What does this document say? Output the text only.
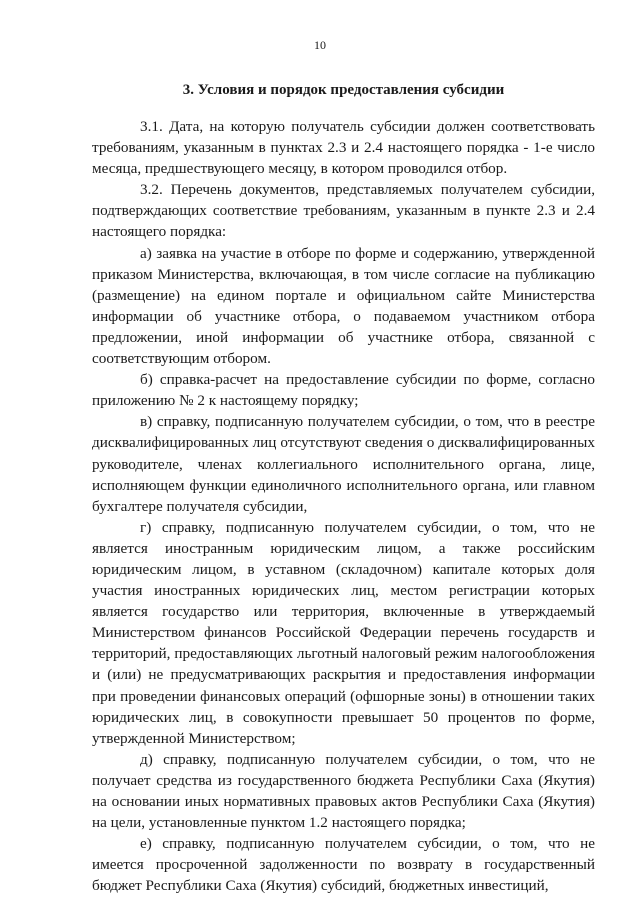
10
3. Условия и порядок предоставления субсидии

3.1. Дата, на которую получатель субсидии должен соответствовать требованиям, указанным в пунктах 2.3 и 2.4 настоящего порядка - 1-е число месяца, предшествующего месяцу, в котором проводился отбор.

3.2. Перечень документов, представляемых получателем субсидии, подтверждающих соответствие требованиям, указанным в пункте 2.3 и 2.4 настоящего порядка:

а) заявка на участие в отборе по форме и содержанию, утвержденной приказом Министерства, включающая, в том числе согласие на публикацию (размещение) на едином портале и официальном сайте Министерства информации об участнике отбора, о подаваемом участником отбора предложении, иной информации об участнике отбора, связанной с соответствующим отбором.

б) справка-расчет на предоставление субсидии по форме, согласно приложению № 2 к настоящему порядку;

в) справку, подписанную получателем субсидии, о том, что в реестре дисквалифицированных лиц отсутствуют сведения о дисквалифицированных руководителе, членах коллегиального исполнительного органа, лице, исполняющем функции единоличного исполнительного органа, или главном бухгалтере получателя субсидии,

г) справку, подписанную получателем субсидии, о том, что не является иностранным юридическим лицом, а также российским юридическим лицом, в уставном (складочном) капитале которых доля участия иностранных юридических лиц, местом регистрации которых является государство или территория, включенные в утверждаемый Министерством финансов Российской Федерации перечень государств и территорий, предоставляющих льготный налоговый режим налогообложения и (или) не предусматривающих раскрытия и предоставления информации при проведении финансовых операций (офшорные зоны) в отношении таких юридических лиц, в совокупности превышает 50 процентов по форме, утвержденной Министерством;

д) справку, подписанную получателем субсидии, о том, что не получает средства из государственного бюджета Республики Саха (Якутия) на основании иных нормативных правовых актов Республики Саха (Якутия) на цели, установленные пунктом 1.2 настоящего порядка;

е) справку, подписанную получателем субсидии, о том, что не имеется просроченной задолженности по возврату в государственный бюджет Республики Саха (Якутия) субсидий, бюджетных инвестиций,
